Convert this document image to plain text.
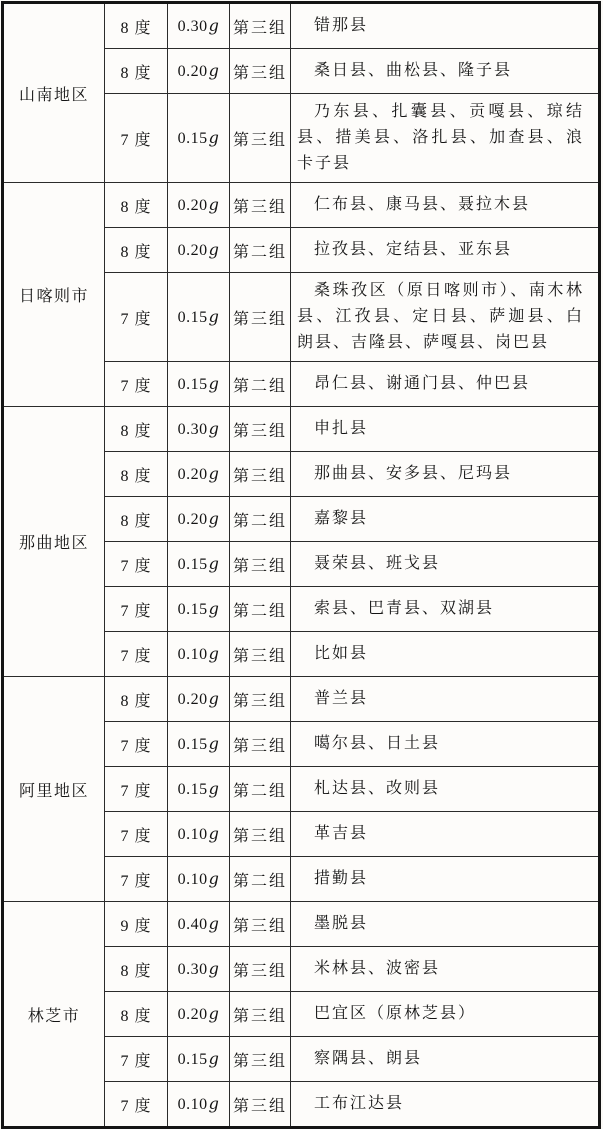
山南地区	8 度	0.30g	第三组	错那县
	8 度	0.20g	第三组	桑日县、曲松县、隆子县
	7 度	0.15g	第三组	乃东县、扎囊县、贡嘎县、琼结县、措美县、洛扎县、加查县、浪卡子县
日喀则市	8 度	0.20g	第三组	仁布县、康马县、聂拉木县
	8 度	0.20g	第二组	拉孜县、定结县、亚东县
	7 度	0.15g	第三组	桑珠孜区（原日喀则市）、南木林县、江孜县、定日县、萨迦县、白朗县、吉隆县、萨嘎县、岗巴县
	7 度	0.15g	第二组	昂仁县、谢通门县、仲巴县
那曲地区	8 度	0.30g	第三组	申扎县
	8 度	0.20g	第三组	那曲县、安多县、尼玛县
	8 度	0.20g	第二组	嘉黎县
	7 度	0.15g	第三组	聂荣县、班戈县
	7 度	0.15g	第二组	索县、巴青县、双湖县
	7 度	0.10g	第三组	比如县
阿里地区	8 度	0.20g	第三组	普兰县
	7 度	0.15g	第三组	噶尔县、日土县
	7 度	0.15g	第二组	札达县、改则县
	7 度	0.10g	第三组	革吉县
	7 度	0.10g	第二组	措勤县
林芝市	9 度	0.40g	第三组	墨脱县
	8 度	0.30g	第三组	米林县、波密县
	8 度	0.20g	第三组	巴宜区（原林芝县）
	7 度	0.15g	第三组	察隅县、朗县
	7 度	0.10g	第三组	工布江达县
